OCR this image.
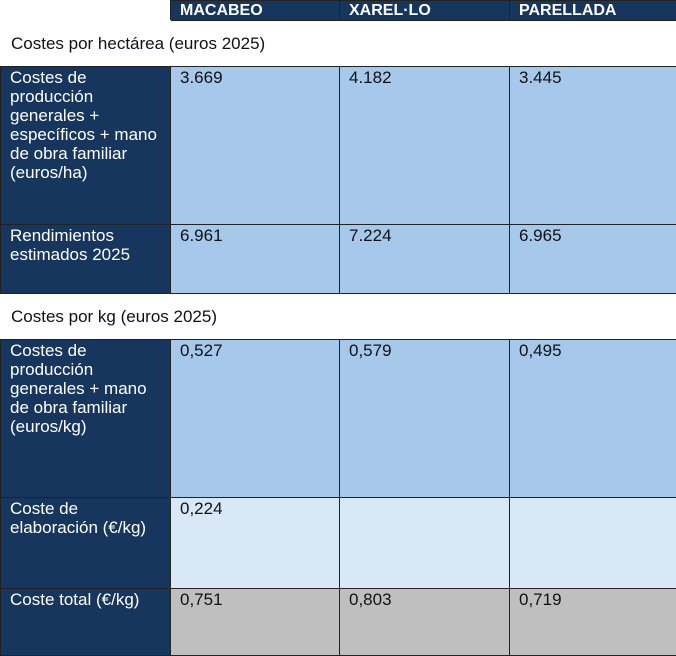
	MACABEO	XAREL·LO	PARELLADA
Costes por hectárea (euros 2025)			
Costes de producción generales + específicos + mano de obra familiar (euros/ha)	3.669	4.182	3.445
Rendimientos estimados 2025	6.961	7.224	6.965
Costes por kg (euros 2025)			
Costes de producción generales + mano de obra familiar (euros/kg)	0,527	0,579	0,495
Coste de elaboración (€/kg)	0,224		
Coste total (€/kg)	0,751	0,803	0,719
